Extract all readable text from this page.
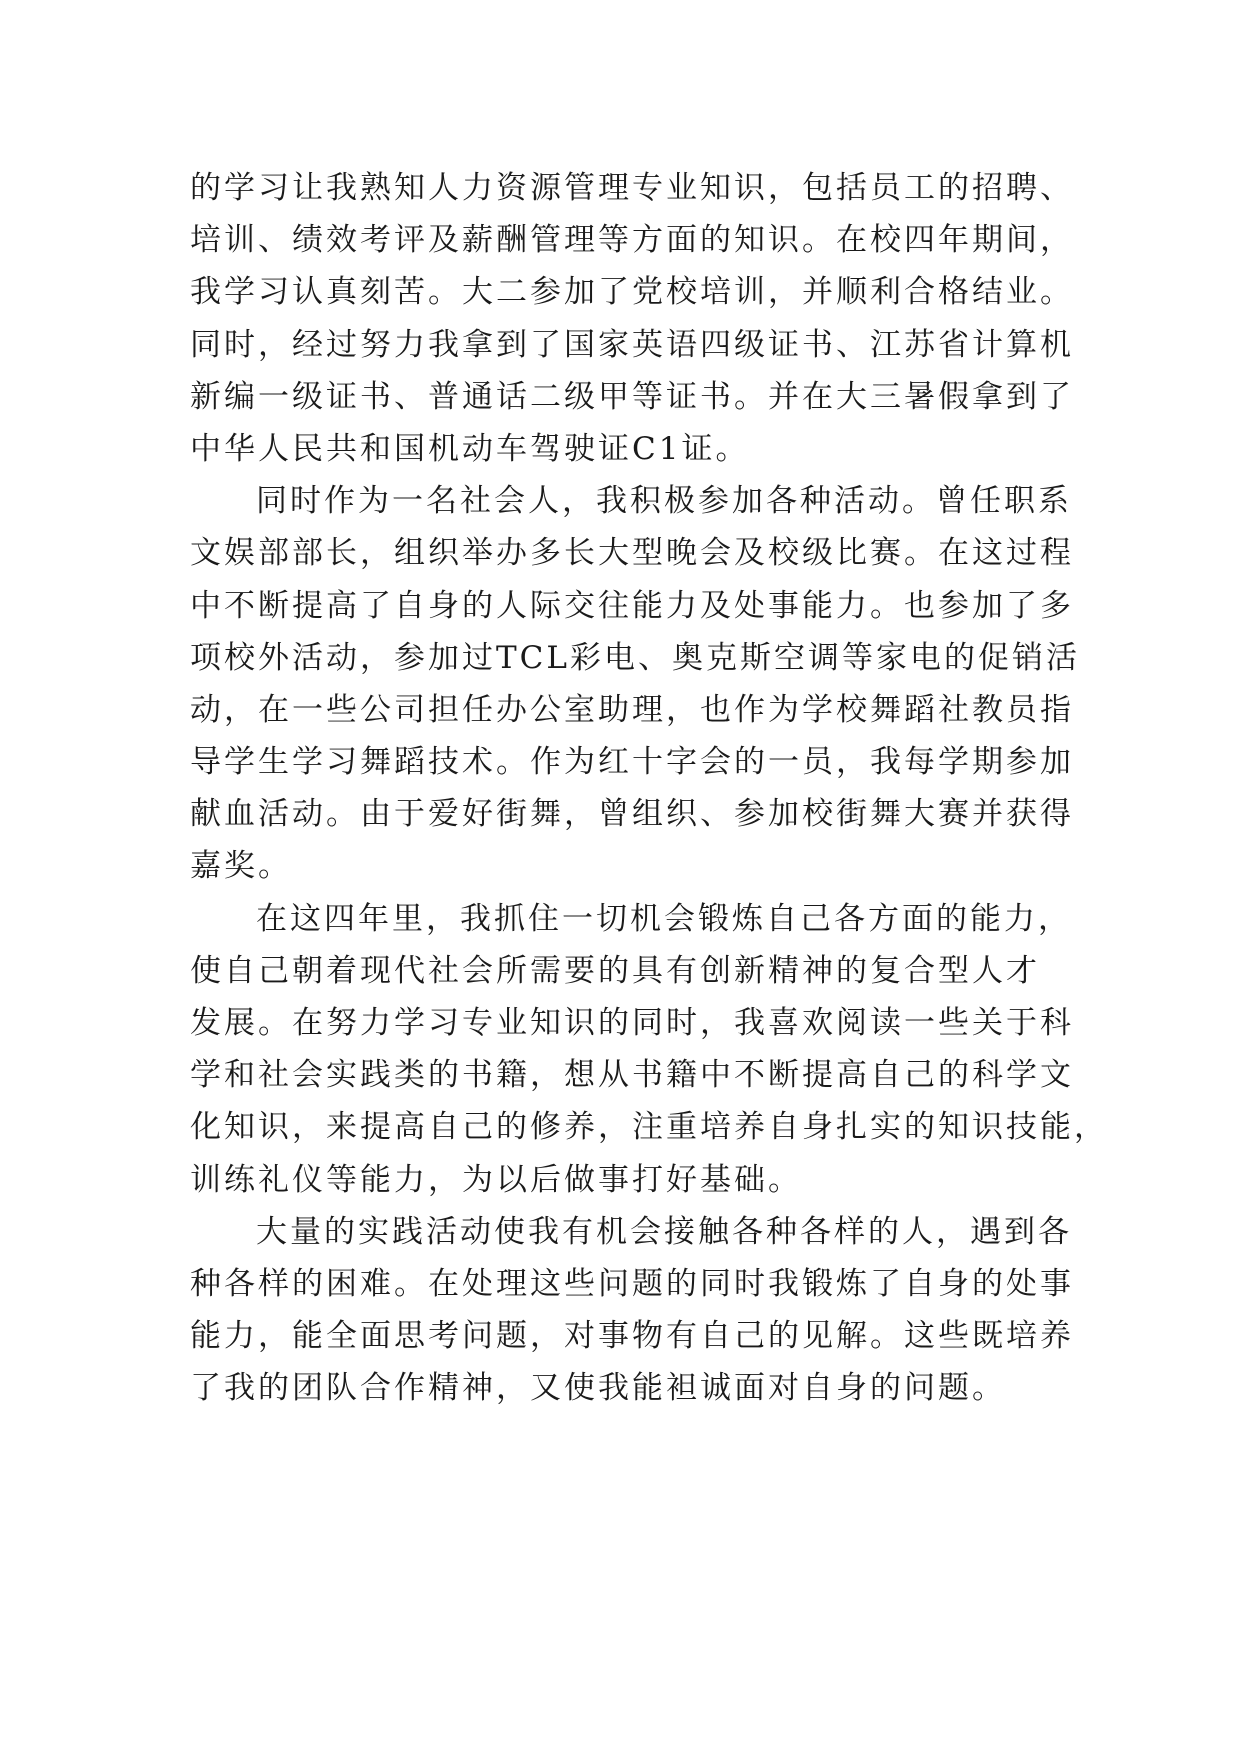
的学习让我熟知人力资源管理专业知识，包括员工的招聘、
培训、绩效考评及薪酬管理等方面的知识。在校四年期间，
我学习认真刻苦。大二参加了党校培训，并顺利合格结业。
同时，经过努力我拿到了国家英语四级证书、江苏省计算机
新编一级证书、普通话二级甲等证书。并在大三暑假拿到了
中华人民共和国机动车驾驶证C1证。
同时作为一名社会人，我积极参加各种活动。曾任职系
文娱部部长，组织举办多长大型晚会及校级比赛。在这过程
中不断提高了自身的人际交往能力及处事能力。也参加了多
项校外活动，参加过TCL彩电、奥克斯空调等家电的促销活
动，在一些公司担任办公室助理，也作为学校舞蹈社教员指
导学生学习舞蹈技术。作为红十字会的一员，我每学期参加
献血活动。由于爱好街舞，曾组织、参加校街舞大赛并获得
嘉奖。
在这四年里，我抓住一切机会锻炼自己各方面的能力，
使自己朝着现代社会所需要的具有创新精神的复合型人才
发展。在努力学习专业知识的同时，我喜欢阅读一些关于科
学和社会实践类的书籍，想从书籍中不断提高自己的科学文
化知识，来提高自己的修养，注重培养自身扎实的知识技能，
训练礼仪等能力，为以后做事打好基础。
大量的实践活动使我有机会接触各种各样的人，遇到各
种各样的困难。在处理这些问题的同时我锻炼了自身的处事
能力，能全面思考问题，对事物有自己的见解。这些既培养
了我的团队合作精神，又使我能袒诚面对自身的问题。
